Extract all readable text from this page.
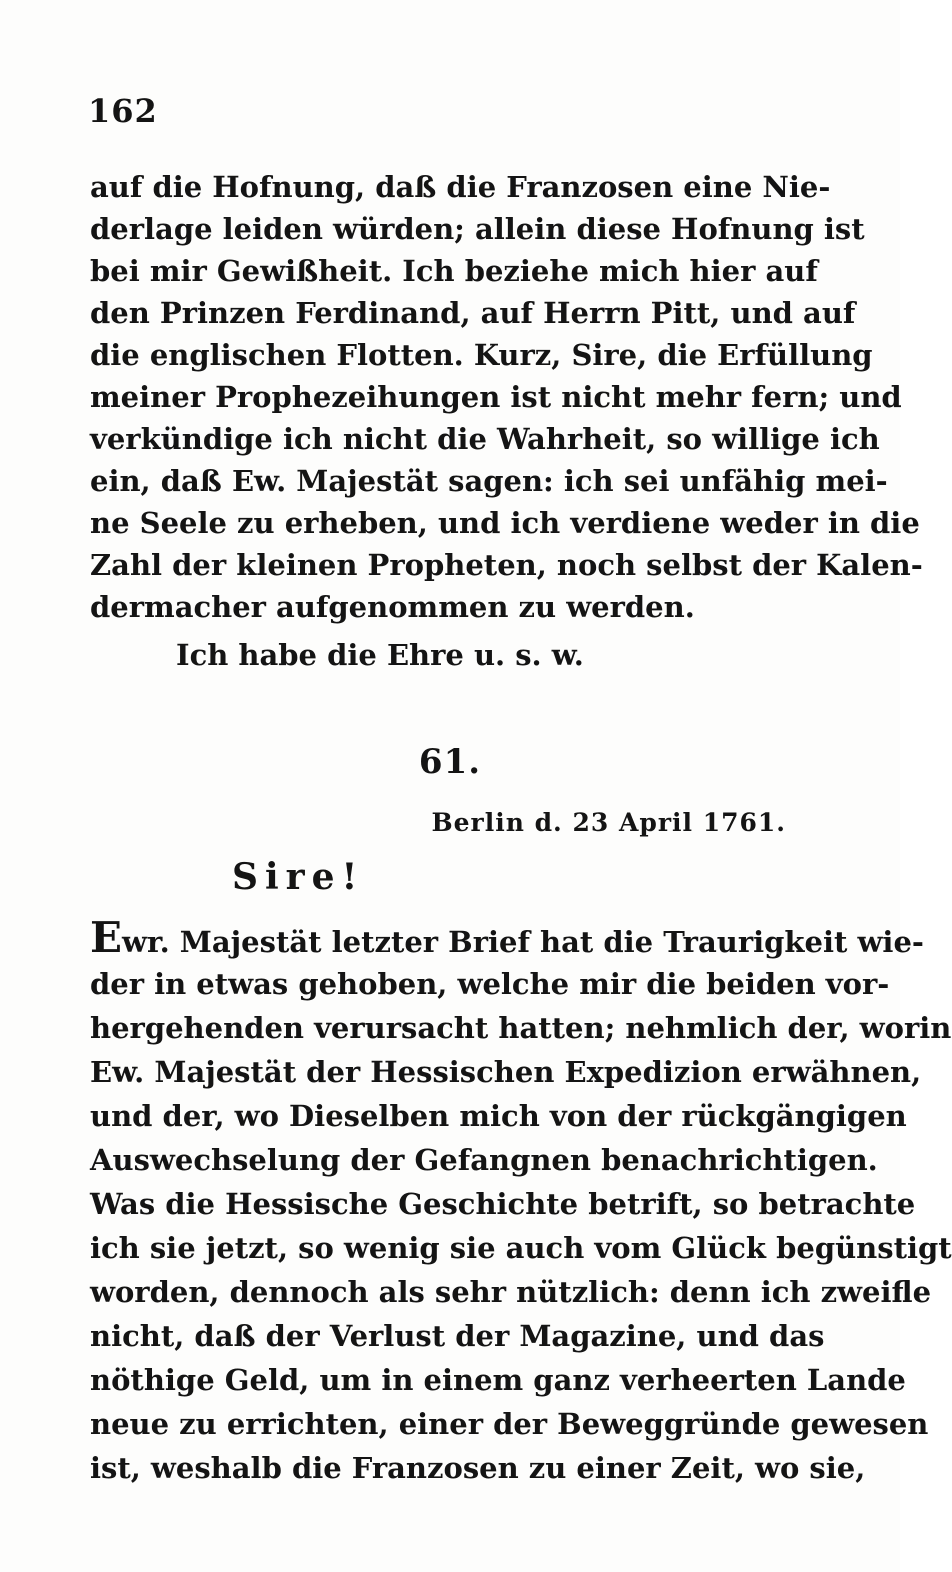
162
auf die Hofnung, daß die Franzosen eine Nie-
derlage leiden würden; allein diese Hofnung ist
bei mir Gewißheit. Ich beziehe mich hier auf
den Prinzen Ferdinand, auf Herrn Pitt, und auf
die englischen Flotten. Kurz, Sire, die Erfüllung
meiner Prophezeihungen ist nicht mehr fern; und
verkündige ich nicht die Wahrheit, so willige ich
ein, daß Ew. Majestät sagen: ich sei unfähig mei-
ne Seele zu erheben, und ich verdiene weder in die
Zahl der kleinen Propheten, noch selbst der Kalen-
dermacher aufgenommen zu werden.
Ich habe die Ehre u. s. w.
61.
Berlin d. 23 April 1761.
Sire!
Ewr. Majestät letzter Brief hat die Traurigkeit wie-
der in etwas gehoben, welche mir die beiden vor-
hergehenden verursacht hatten; nehmlich der, worin
Ew. Majestät der Hessischen Expedizion erwähnen,
und der, wo Dieselben mich von der rückgängigen
Auswechselung der Gefangnen benachrichtigen.
Was die Hessische Geschichte betrift, so betrachte
ich sie jetzt, so wenig sie auch vom Glück begünstigt
worden, dennoch als sehr nützlich: denn ich zweifle
nicht, daß der Verlust der Magazine, und das
nöthige Geld, um in einem ganz verheerten Lande
neue zu errichten, einer der Beweggründe gewesen
ist, weshalb die Franzosen zu einer Zeit, wo sie,
